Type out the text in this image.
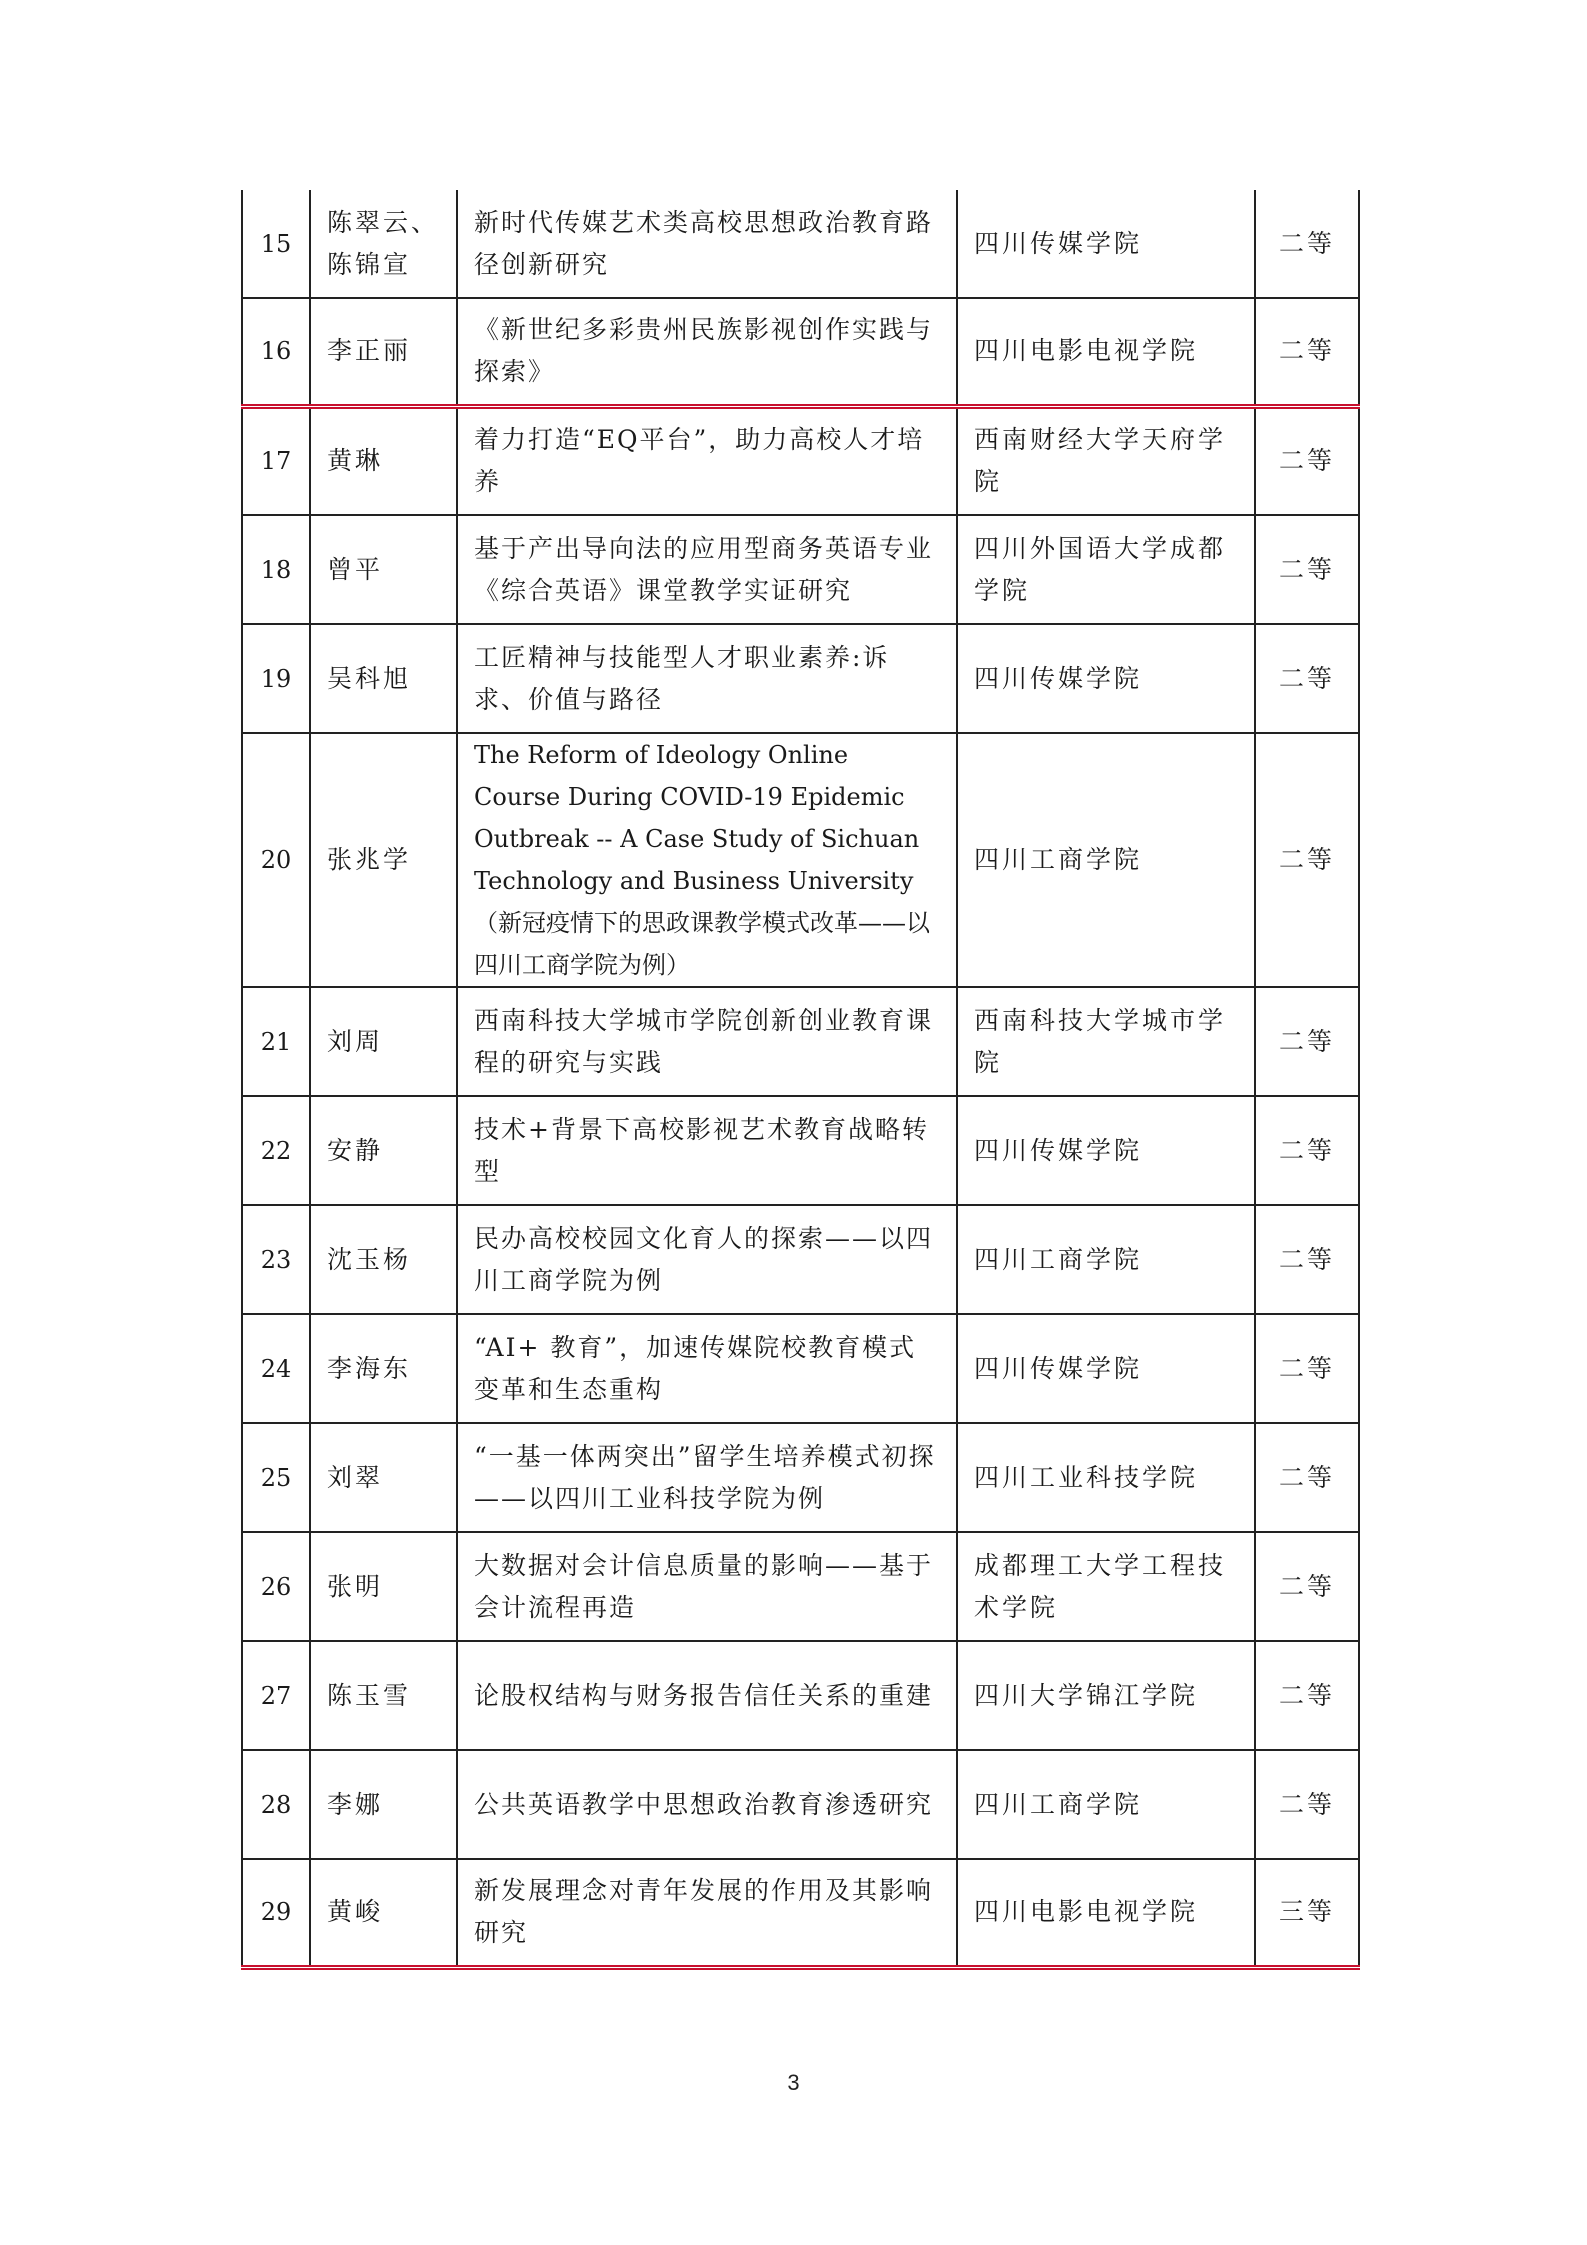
15	陈翠云、陈锦宣	新时代传媒艺术类高校思想政治教育路径创新研究	四川传媒学院	二等
16	李正丽	《新世纪多彩贵州民族影视创作实践与探索》	四川电影电视学院	二等
17	黄琳	着力打造“EQ平台”，助力高校人才培养	西南财经大学天府学院	二等
18	曾平	基于产出导向法的应用型商务英语专业《综合英语》课堂教学实证研究	四川外国语大学成都学院	二等
19	吴科旭	工匠精神与技能型人才职业素养:诉求、价值与路径	四川传媒学院	二等
20	张兆学	The Reform of Ideology Online Course During COVID-19 Epidemic Outbreak -- A Case Study of Sichuan Technology and Business University（新冠疫情下的思政课教学模式改革——以四川工商学院为例）	四川工商学院	二等
21	刘周	西南科技大学城市学院创新创业教育课程的研究与实践	西南科技大学城市学院	二等
22	安静	技术+背景下高校影视艺术教育战略转型	四川传媒学院	二等
23	沈玉杨	民办高校校园文化育人的探索——以四川工商学院为例	四川工商学院	二等
24	李海东	“AI+ 教育”，加速传媒院校教育模式变革和生态重构	四川传媒学院	二等
25	刘翠	“一基一体两突出”留学生培养模式初探——以四川工业科技学院为例	四川工业科技学院	二等
26	张明	大数据对会计信息质量的影响——基于会计流程再造	成都理工大学工程技术学院	二等
27	陈玉雪	论股权结构与财务报告信任关系的重建	四川大学锦江学院	二等
28	李娜	公共英语教学中思想政治教育渗透研究	四川工商学院	二等
29	黄峻	新发展理念对青年发展的作用及其影响研究	四川电影电视学院	三等
3
